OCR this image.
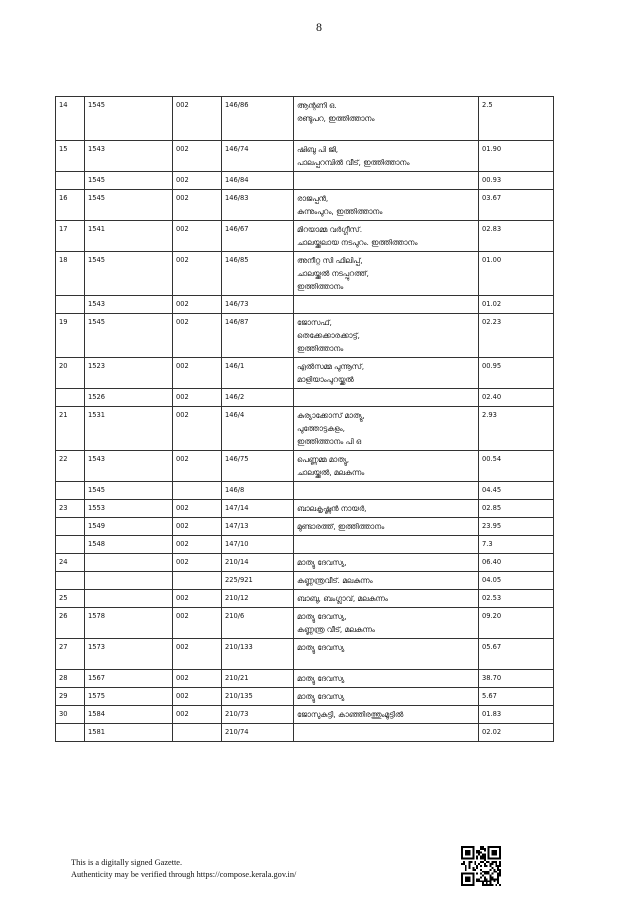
8
14	1545	002	146/86	ആന്റണി ഒ.
രണ്ടുപറ, ഇത്തിത്താനം	2.5
15	1543	002	146/74	ഷിബു പി ജി,
പാലപ്പറമ്പിൽ വീട്, ഇത്തിത്താനം	01.90
	1545	002	146/84		00.93
16	1545	002	146/83	രാജപ്പൻ,
കുന്നുംപുറം, ഇത്തിത്താനം	03.67
17	1541	002	146/67	മിറയാമ്മ വർഗ്ഗീസ്.
ചാലയ്ക്കലായ നടപുറം. ഇത്തിത്താനം	02.83
18	1545	002	146/85	അനീറ്റ സി ഫിലിപ്പ്,
ചാലയ്ക്കൽ നടപ്പുറത്ത്,
ഇത്തിത്താനം	01.00
	1543	002	146/73		01.02
19	1545	002	146/87	ജോസഫ്,
തെക്കേക്കാരക്കാട്ട്,
ഇത്തിത്താനം	02.23
20	1523	002	146/1	എൽസമ്മ പുന്നൂസ്,
മാളിയാംപുറയ്ക്കൽ	00.95
	1526	002	146/2		02.40
21	1531	002	146/4	കുര്യാക്കോസ് മാത്യു,
പുത്തോട്ടകളം,
ഇത്തിത്താനം പി ഒ	2.93
22	1543	002	146/75	പെണ്ണമ്മ മാത്യു,
ചാലയ്ക്കൽ, മലകുന്നം	00.54
	1545		146/8		04.45
23	1553	002	147/14	ബാലകൃഷ്ണൻ നായർ,	02.85
	1549	002	147/13	മുണ്ടാരത്ത്, ഇത്തിത്താനം	23.95
	1548	002	147/10		7.3
24		002	210/14	മാത്യു ദേവസ്യ,	06.40
			225/921	കണ്ണന്ത്രവീട്. മലകുന്നം	04.05
25		002	210/12	ബാബു, ബംഗ്ലാവ്, മലകുന്നം	02.53
26	1578	002	210/6	മാത്യു ദേവസ്യ,
കണ്ണന്ത്ര വീട്, മലകുന്നം	09.20
27	1573	002	210/133	മാത്യു ദേവസ്യ	05.67
28	1567	002	210/21	മാത്യു ദേവസ്യ	38.70
29	1575	002	210/135	മാത്യു ദേവസ്യ	5.67
30	1584	002	210/73	ജോസുകുട്ടി, കാഞ്ഞിരത്തുംമൂട്ടിൽ	01.83
	1581		210/74		02.02
This is a digitally signed Gazette.
Authenticity may be verified through https://compose.kerala.gov.in/
